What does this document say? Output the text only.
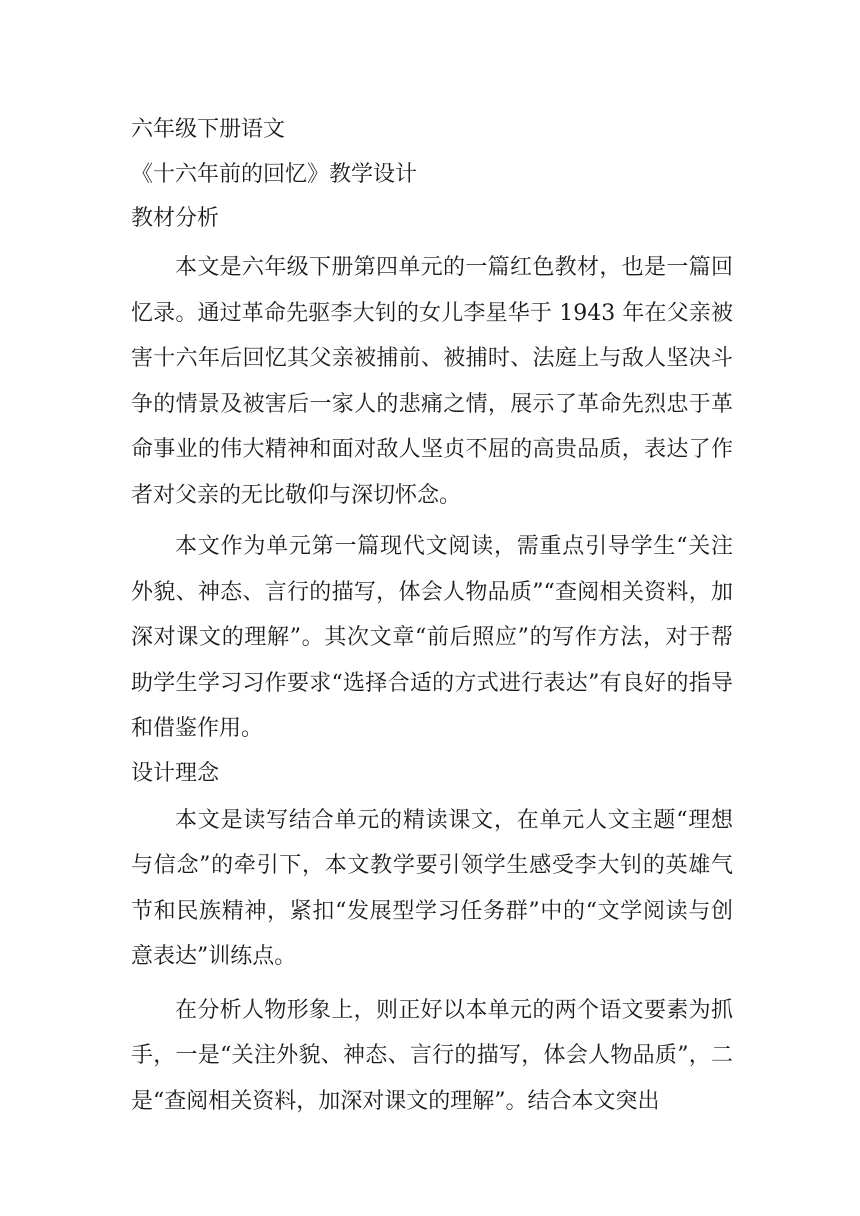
六年级下册语文
《十六年前的回忆》教学设计
教材分析

本文是六年级下册第四单元的一篇红色教材，也是一篇回忆录。通过革命先驱李大钊的女儿李星华于 1943 年在父亲被害十六年后回忆其父亲被捕前、被捕时、法庭上与敌人坚决斗争的情景及被害后一家人的悲痛之情，展示了革命先烈忠于革命事业的伟大精神和面对敌人坚贞不屈的高贵品质，表达了作者对父亲的无比敬仰与深切怀念。

本文作为单元第一篇现代文阅读，需重点引导学生“关注外貌、神态、言行的描写，体会人物品质”“查阅相关资料，加深对课文的理解”。其次文章“前后照应”的写作方法，对于帮助学生学习习作要求“选择合适的方式进行表达”有良好的指导和借鉴作用。

设计理念

本文是读写结合单元的精读课文，在单元人文主题“理想与信念”的牵引下，本文教学要引领学生感受李大钊的英雄气节和民族精神，紧扣“发展型学习任务群”中的“文学阅读与创意表达”训练点。

在分析人物形象上，则正好以本单元的两个语文要素为抓手，一是“关注外貌、神态、言行的描写，体会人物品质”，二是“查阅相关资料，加深对课文的理解”。结合本文突出
